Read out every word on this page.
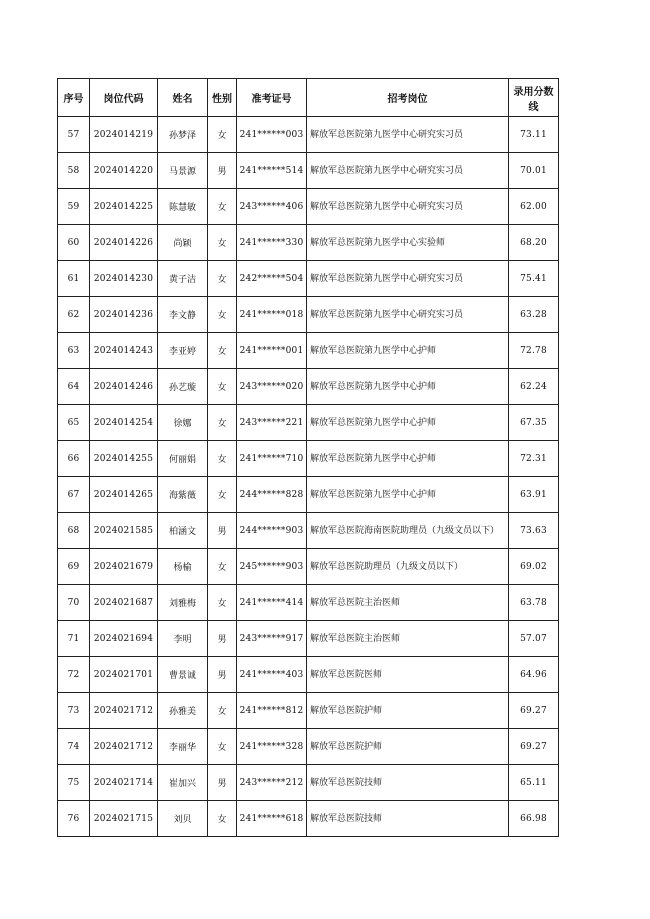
序号	岗位代码	姓名	性别	准考证号	招考岗位	录用分数线
57	2024014219	孙梦泽	女	241******003	解放军总医院第九医学中心研究实习员	73.11
58	2024014220	马景源	男	241******514	解放军总医院第九医学中心研究实习员	70.01
59	2024014225	陈慧敏	女	243******406	解放军总医院第九医学中心研究实习员	62.00
60	2024014226	尚颖	女	241******330	解放军总医院第九医学中心实验师	68.20
61	2024014230	黄子洁	女	242******504	解放军总医院第九医学中心研究实习员	75.41
62	2024014236	李文静	女	241******018	解放军总医院第九医学中心研究实习员	63.28
63	2024014243	李亚婷	女	241******001	解放军总医院第九医学中心护师	72.78
64	2024014246	孙艺璇	女	243******020	解放军总医院第九医学中心护师	62.24
65	2024014254	徐娜	女	243******221	解放军总医院第九医学中心护师	67.35
66	2024014255	何丽娟	女	241******710	解放军总医院第九医学中心护师	72.31
67	2024014265	海紫薇	女	244******828	解放军总医院第九医学中心护师	63.91
68	2024021585	柏涵文	男	244******903	解放军总医院海南医院助理员（九级文员以下）	73.63
69	2024021679	杨榆	女	245******903	解放军总医院助理员（九级文员以下）	69.02
70	2024021687	刘雅梅	女	241******414	解放军总医院主治医师	63.78
71	2024021694	李明	男	243******917	解放军总医院主治医师	57.07
72	2024021701	曹景诚	男	241******403	解放军总医院医师	64.96
73	2024021712	孙雅美	女	241******812	解放军总医院护师	69.27
74	2024021712	李丽华	女	241******328	解放军总医院护师	69.27
75	2024021714	崔加兴	男	243******212	解放军总医院技师	65.11
76	2024021715	刘贝	女	241******618	解放军总医院技师	66.98
